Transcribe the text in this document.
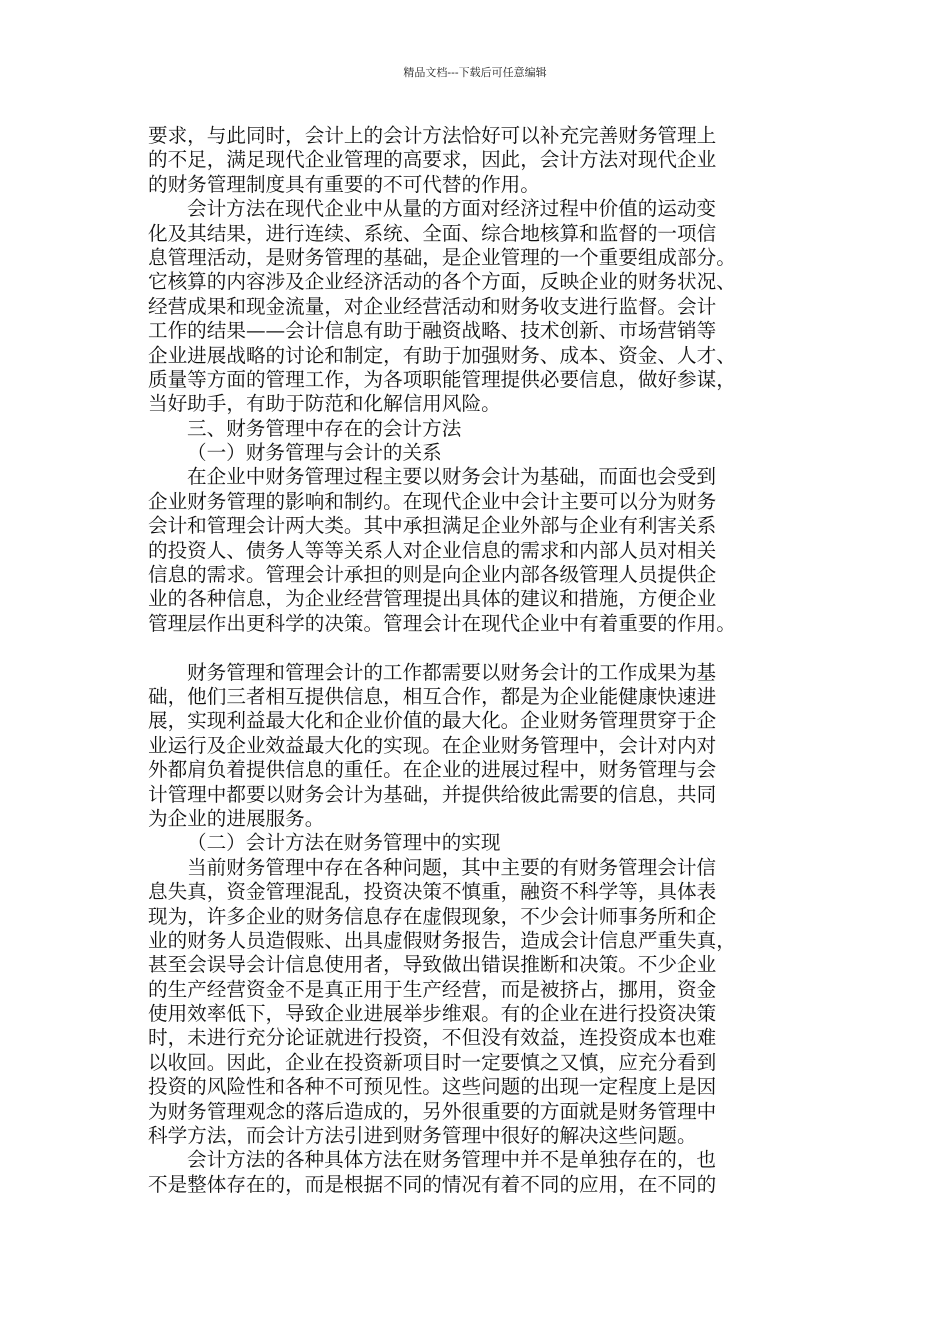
精品文档---下载后可任意编辑
要求，与此同时，会计上的会计方法恰好可以补充完善财务管理上
的不足，满足现代企业管理的高要求，因此，会计方法对现代企业
的财务管理制度具有重要的不可代替的作用。
会计方法在现代企业中从量的方面对经济过程中价值的运动变
化及其结果，进行连续、系统、全面、综合地核算和监督的一项信
息管理活动，是财务管理的基础，是企业管理的一个重要组成部分。
它核算的内容涉及企业经济活动的各个方面，反映企业的财务状况、
经营成果和现金流量，对企业经营活动和财务收支进行监督。会计
工作的结果——会计信息有助于融资战略、技术创新、市场营销等
企业进展战略的讨论和制定，有助于加强财务、成本、资金、人才、
质量等方面的管理工作，为各项职能管理提供必要信息，做好参谋，
当好助手，有助于防范和化解信用风险。
三、财务管理中存在的会计方法
（一）财务管理与会计的关系
在企业中财务管理过程主要以财务会计为基础，而面也会受到
企业财务管理的影响和制约。在现代企业中会计主要可以分为财务
会计和管理会计两大类。其中承担满足企业外部与企业有利害关系
的投资人、债务人等等关系人对企业信息的需求和内部人员对相关
信息的需求。管理会计承担的则是向企业内部各级管理人员提供企
业的各种信息，为企业经营管理提出具体的建议和措施，方便企业
管理层作出更科学的决策。管理会计在现代企业中有着重要的作用。
财务管理和管理会计的工作都需要以财务会计的工作成果为基
础，他们三者相互提供信息，相互合作，都是为企业能健康快速进
展，实现利益最大化和企业价值的最大化。企业财务管理贯穿于企
业运行及企业效益最大化的实现。在企业财务管理中，会计对内对
外都肩负着提供信息的重任。在企业的进展过程中，财务管理与会
计管理中都要以财务会计为基础，并提供给彼此需要的信息，共同
为企业的进展服务。
（二）会计方法在财务管理中的实现
当前财务管理中存在各种问题，其中主要的有财务管理会计信
息失真，资金管理混乱，投资决策不慎重，融资不科学等，具体表
现为，许多企业的财务信息存在虚假现象，不少会计师事务所和企
业的财务人员造假账、出具虚假财务报告，造成会计信息严重失真，
甚至会误导会计信息使用者，导致做出错误推断和决策。不少企业
的生产经营资金不是真正用于生产经营，而是被挤占，挪用，资金
使用效率低下，导致企业进展举步维艰。有的企业在进行投资决策
时，未进行充分论证就进行投资，不但没有效益，连投资成本也难
以收回。因此，企业在投资新项目时一定要慎之又慎，应充分看到
投资的风险性和各种不可预见性。这些问题的出现一定程度上是因
为财务管理观念的落后造成的，另外很重要的方面就是财务管理中
科学方法，而会计方法引进到财务管理中很好的解决这些问题。
会计方法的各种具体方法在财务管理中并不是单独存在的，也
不是整体存在的，而是根据不同的情况有着不同的应用，在不同的
